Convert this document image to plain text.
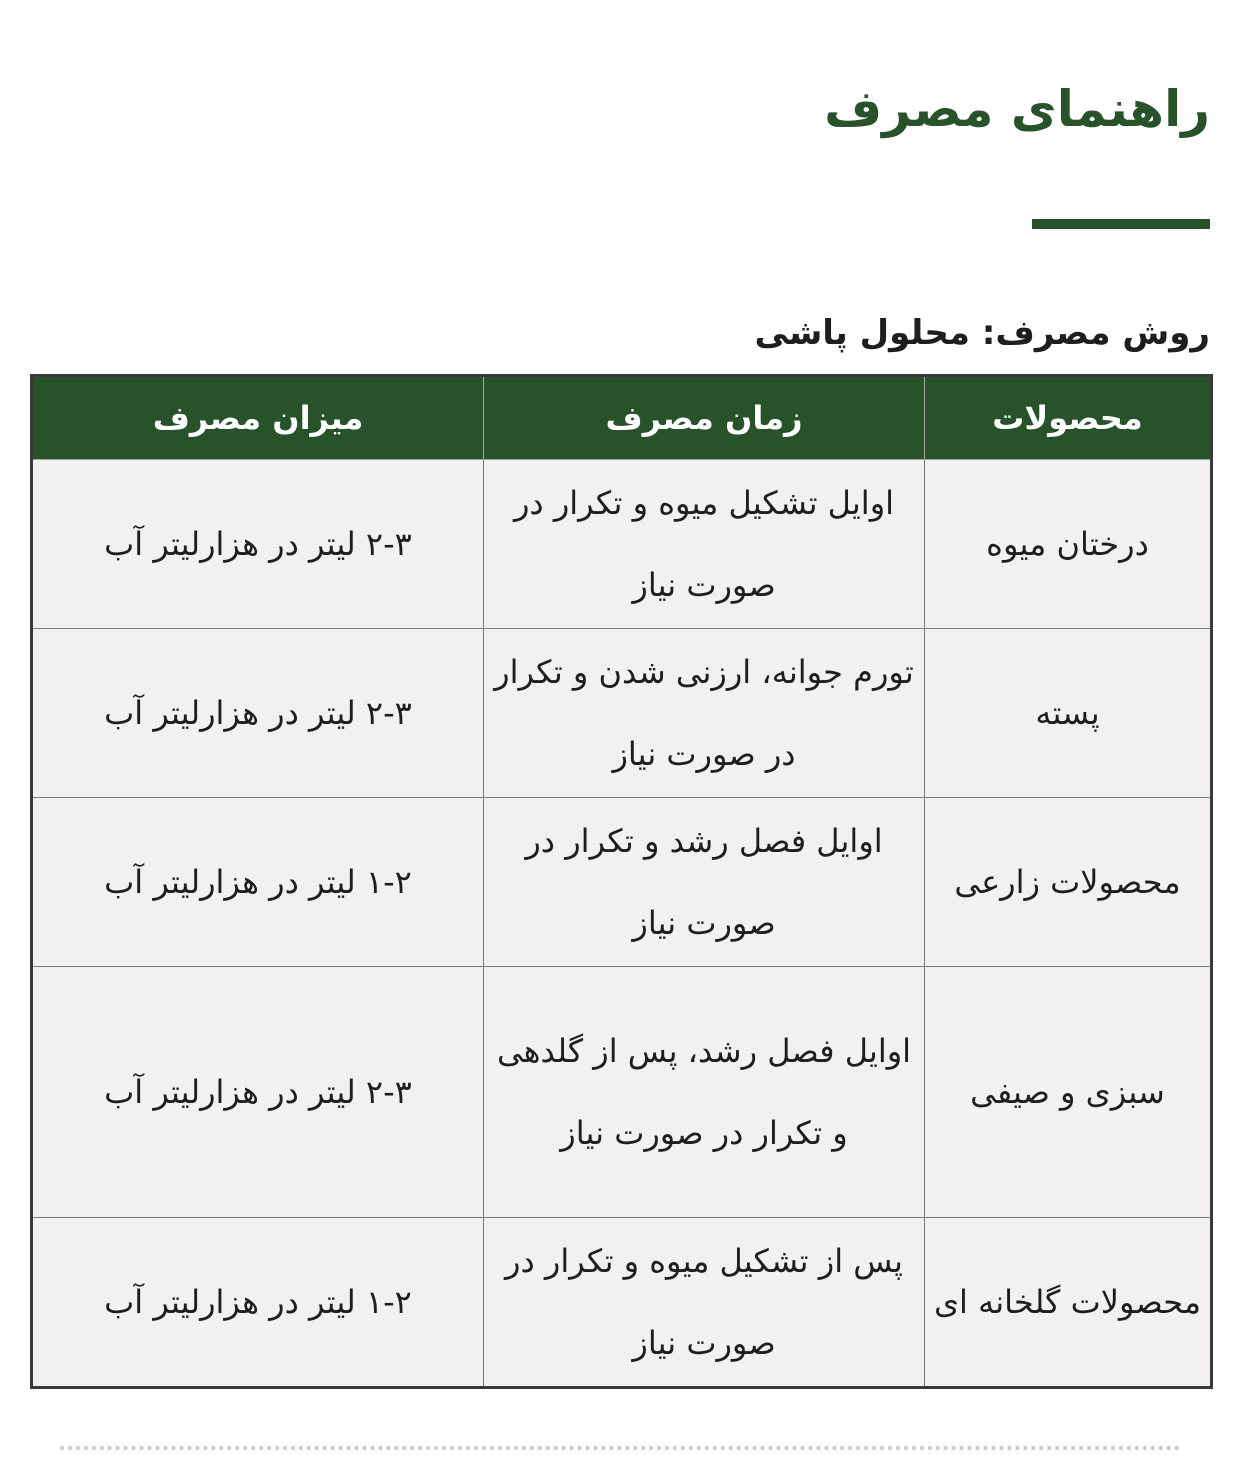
راهنمای مصرف
روش مصرف: محلول پاشی
محصولات	زمان مصرف	میزان مصرف
درختان میوه	اوایل تشکیل میوه و تکرار در صورت نیاز	۲-۳ لیتر در هزارلیتر آب
پسته	تورم جوانه، ارزنی شدن و تکرار در صورت نیاز	۲-۳ لیتر در هزارلیتر آب
محصولات زارعی	اوایل فصل رشد و تکرار در صورت نیاز	۱-۲ لیتر در هزارلیتر آب
سبزی و صیفی	اوایل فصل رشد، پس از گلدهی و تکرار در صورت نیاز	۲-۳ لیتر در هزارلیتر آب
محصولات گلخانه ای	پس از تشکیل میوه و تکرار در صورت نیاز	۱-۲ لیتر در هزارلیتر آب
